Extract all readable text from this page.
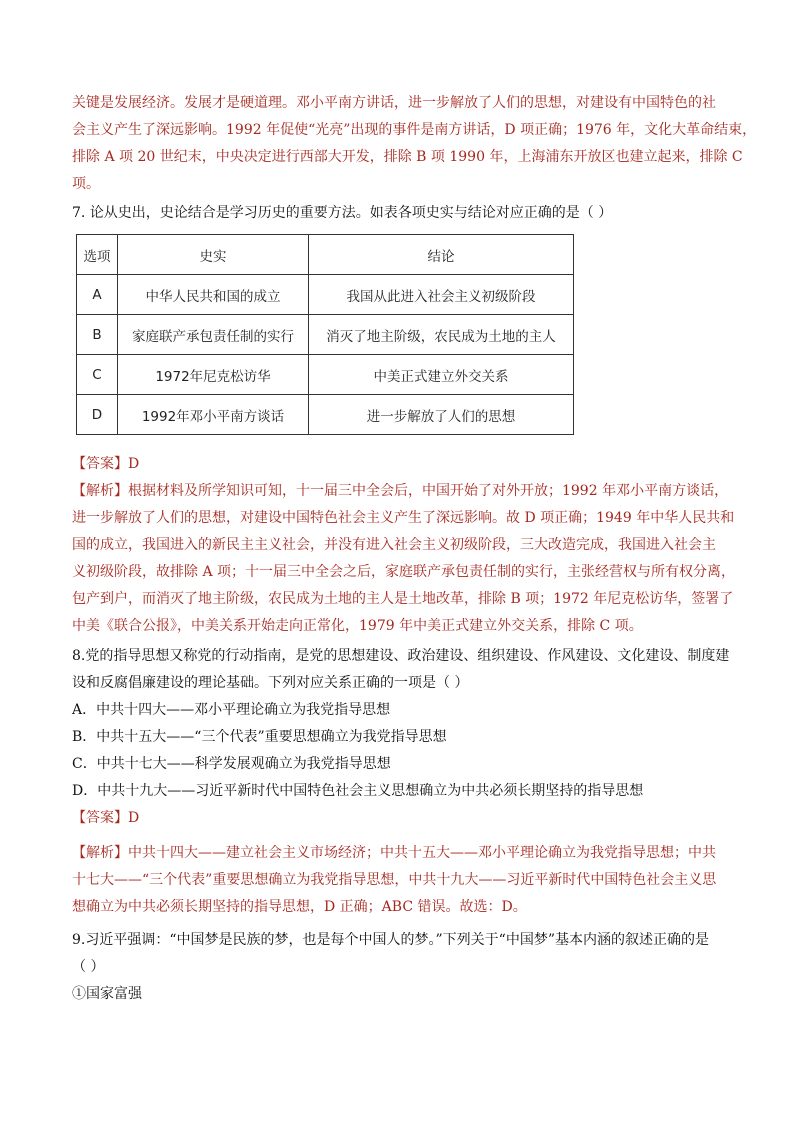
关键是发展经济。发展才是硬道理。邓小平南方讲话，进一步解放了人们的思想，对建设有中国特色的社
会主义产生了深远影响。1992 年促使“光亮”出现的事件是南方讲话，D 项正确；1976 年，文化大革命结束，
排除 A 项 20 世纪末，中央决定进行西部大开发，排除 B 项 1990 年，上海浦东开放区也建立起来，排除 C
项。
7. 论从史出，史论结合是学习历史的重要方法。如表各项史实与结论对应正确的是（ ）
选项	史实	结论
A	中华人民共和国的成立	我国从此进入社会主义初级阶段
B	家庭联产承包责任制的实行	消灭了地主阶级，农民成为土地的主人
C	1972年尼克松访华	中美正式建立外交关系
D	1992年邓小平南方谈话	进一步解放了人们的思想
【答案】D
【解析】根据材料及所学知识可知，十一届三中全会后，中国开始了对外开放；1992 年邓小平南方谈话，
进一步解放了人们的思想，对建设中国特色社会主义产生了深远影响。故 D 项正确；1949 年中华人民共和
国的成立，我国进入的新民主主义社会，并没有进入社会主义初级阶段，三大改造完成，我国进入社会主
义初级阶段，故排除 A 项；十一届三中全会之后，家庭联产承包责任制的实行，主张经营权与所有权分离，
包产到户，而消灭了地主阶级，农民成为土地的主人是土地改革，排除 B 项；1972 年尼克松访华，签署了
中美《联合公报》，中美关系开始走向正常化，1979 年中美正式建立外交关系，排除 C 项。
8.党的指导思想又称党的行动指南，是党的思想建设、政治建设、组织建设、作风建设、文化建设、制度建
设和反腐倡廉建设的理论基础。下列对应关系正确的一项是（ ）
A．中共十四大——邓小平理论确立为我党指导思想
B．中共十五大——“三个代表”重要思想确立为我党指导思想
C．中共十七大——科学发展观确立为我党指导思想
D．中共十九大——习近平新时代中国特色社会主义思想确立为中共必须长期坚持的指导思想
【答案】D
【解析】中共十四大——建立社会主义市场经济；中共十五大——邓小平理论确立为我党指导思想；中共
十七大——“三个代表”重要思想确立为我党指导思想，中共十九大——习近平新时代中国特色社会主义思
想确立为中共必须长期坚持的指导思想，D 正确；ABC 错误。故选：D。
9.习近平强调：“中国梦是民族的梦，也是每个中国人的梦。”下列关于“中国梦”基本内涵的叙述正确的是
（ ）
①国家富强
